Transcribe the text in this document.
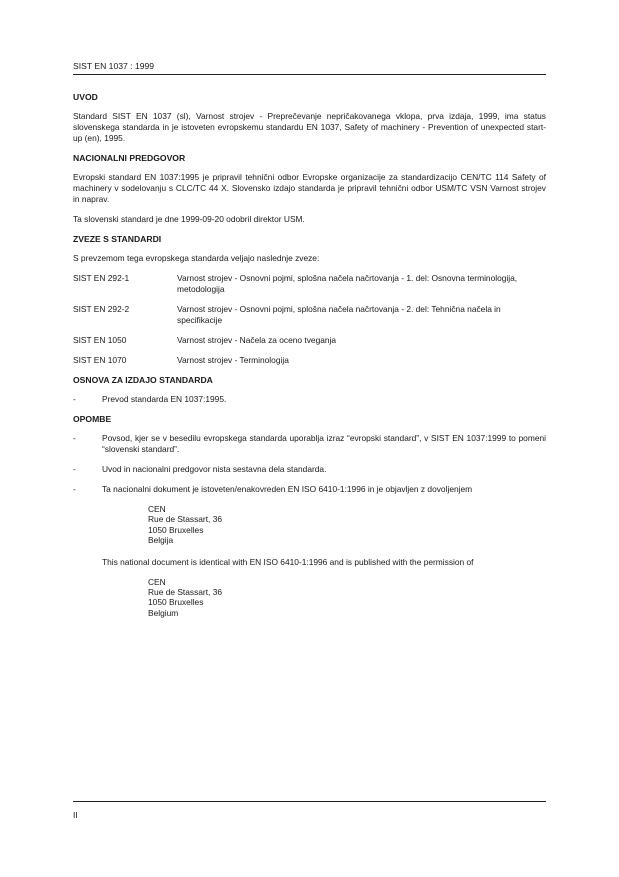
SIST EN 1037 : 1999
UVOD

Standard SIST EN 1037 (sl), Varnost strojev - Preprečevanje nepričakovanega vklopa, prva izdaja, 1999, ima status slovenskega standarda in je istoveten evropskemu standardu EN 1037, Safety of machinery - Prevention of unexpected start-up (en), 1995.

NACIONALNI PREDGOVOR

Evropski standard EN 1037:1995 je pripravil tehnični odbor Evropske organizacije za standardizacijo CEN/TC 114 Safety of machinery v sodelovanju s CLC/TC 44 X. Slovensko izdajo standarda je pripravil tehnični odbor USM/TC VSN Varnost strojev in naprav.

Ta slovenski standard je dne 1999-09-20 odobril direktor USM.

ZVEZE S STANDARDI

S prevzemom tega evropskega standarda veljajo naslednje zveze:

SIST EN 292-1	Varnost strojev - Osnovni pojmi, splošna načela načrtovanja - 1. del: Osnovna terminologija, metodologija
SIST EN 292-2	Varnost strojev - Osnovni pojmi, splošna načela načrtovanja - 2. del: Tehnična načela in specifikacije
SIST EN 1050	Varnost strojev - Načela za oceno tveganja
SIST EN 1070	Varnost strojev - Terminologija
OSNOVA ZA IZDAJO STANDARDA
-	Prevod standarda EN 1037:1995.
OPOMBE
-	Povsod, kjer se v besedilu evropskega standarda uporablja izraz “evropski standard”, v SIST EN 1037:1999 to pomeni “slovenski standard”.
-	Uvod in nacionalni predgovor nista sestavna dela standarda.
-	Ta nacionalni dokument je istoveten/enakovreden EN ISO 6410-1:1996 in je objavljen z dovoljenjem
CEN
Rue de Stassart, 36
1050 Bruxelles
Belgija

This national document is identical with EN ISO 6410-1:1996 and is published with the permission of

CEN
Rue de Stassart, 36
1050 Bruxelles
Belgium
II
